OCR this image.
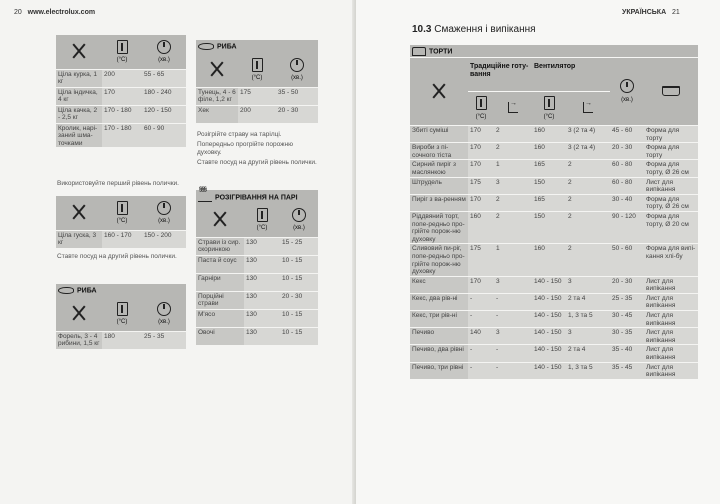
20 www.electrolux.com

	(°C)	(хв.)

Ціла курка, 1 кг	200	55 - 65
Ціла індичка, 4 кг	170	180 - 240
Ціла качка, 2 - 2,5 кг	170 - 180	120 - 150
Кролик, нарі-заний шма-точками	170 - 180	60 - 90
Використовуйте перший рівень полички.

	(°C)	(хв.)

Ціла гуска, 3 кг	160 - 170	150 - 200
Ставте посуд на другий рівень полички.
РИБА		

	(°C)	(хв.)

Форель, 3 - 4 рибини, 1,5 кг	180	25 - 35
РИБА		

	(°C)	(хв.)

Тунець, 4 - 6 філе, 1,2 кг	175	35 - 50
Хек	200	20 - 30
Розігрійте страву на тарілці.
Попередньо прогрійте порожню духовку.
Ставте посуд на другий рівень полички.
§§§РОЗІГРІВАННЯ НА ПАРІ

	(°C)	(хв.)

Страви із сир. скоринкою	130	15 - 25
Паста й соус	130	10 - 15
Гарніри	130	10 - 15
Порційні страви	130	20 - 30
М'ясо	130	10 - 15
Овочі	130	10 - 15
УКРАЇНСЬКА 21
10.3 Смаження і випікання
ТОРТИ						
	Традиційне готу-вання		Вентилятор		(хв.)	

	(°C)
	→	(°C)
	→
Збиті суміші	170	2	160	3 (2 та 4)	45 - 60	Форма для торту
Вироби з пі-сочного тіста	170	2	160	3 (2 та 4)	20 - 30	Форма для торту
Сирний пиріг з маслянкою	170	1	165	2	60 - 80	Форма для торту, Ø 26 см
Штрудель	175	3	150	2	60 - 80	Лист для випікання
Пиріг з ва-ренням	170	2	165	2	30 - 40	Форма для торту, Ø 26 см
Ріддвяний торт, попе-редньо про-грійте порож-ню духовку	160	2	150	2	90 - 120	Форма для торту, Ø 20 см
Сливовий пи-ріг, попе-редньо про-грійте порож-ню духовку	175	1	160	2	50 - 60	Форма для випі-кання хлі-бу
Кекс	170	3	140 - 150	3	20 - 30	Лист для випікання
Кекс, два рів-ні	-	-	140 - 150	2 та 4	25 - 35	Лист для випікання
Кекс, три рів-ні	-	-	140 - 150	1, 3 та 5	30 - 45	Лист для випікання
Печиво	140	3	140 - 150	3	30 - 35	Лист для випікання
Печиво, два рівні	-	-	140 - 150	2 та 4	35 - 40	Лист для випікання
Печиво, три рівні	-	-	140 - 150	1, 3 та 5	35 - 45	Лист для випікання
